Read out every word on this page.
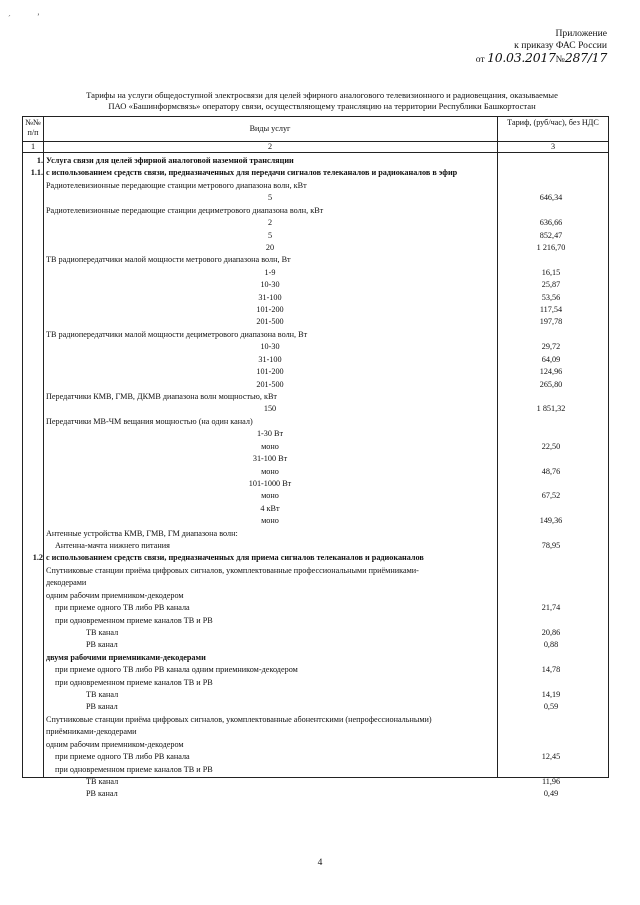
´	ʼ
Приложение
к приказу ФАС России
от 10.03.2017№287/17
Тарифы на услуги общедоступной электросвязи для целей эфирного аналогового телевизионного и радиовещания, оказываемые
ПАО «Башинформсвязь» оператору связи, осуществляющему трансляцию на территории Республики Башкортостан
№№ п/п	Виды услуг
Тариф, (руб/час), без НДС
1	2	3
1. Услуга связи для целей эфирной аналоговой наземной трансляции
1.1. с использованием средств связи, предназначенных для передачи сигналов телеканалов и радиоканалов в эфир
Радиотелевизионные передающие станции метрового диапазона волн, кВт
5	646,34
Радиотелевизионные передающие станции дециметрового диапазона волн, кВт
2	636,66
5	852,47
20	1 216,70
ТВ радиопередатчики малой мощности метрового диапазона волн, Вт
1-9	16,15
10-30	25,87
31-100	53,56
101-200	117,54
201-500	197,78
ТВ радиопередатчики малой мощности дециметрового диапазона волн, Вт
10-30	29,72
31-100	64,09
101-200	124,96
201-500	265,80
Передатчики КМВ, ГМВ, ДКМВ диапазона волн мощностью, кВт
150	1 851,32
Передатчики МВ-ЧМ вещания мощностью (на один канал)
1-30 Вт
моно	22,50
31-100 Вт
моно	48,76
101-1000 Вт
моно	67,52
4 кВт
моно	149,36
Антенные устройства КМВ, ГМВ, ГМ диапазона волн:
Антенна-мачта нижнего питания	78,95
1.2 с использованием средств связи, предназначенных для приема сигналов телеканалов и радиоканалов
Спутниковые станции приёма цифровых сигналов, укомплектованные профессиональными приёмниками-
декодерами
одним рабочим приемником-декодером
при приеме одного ТВ либо РВ канала	21,74
при одновременном приеме каналов ТВ и РВ
ТВ канал	20,86
РВ канал	0,88
двумя рабочими приемниками-декодерами
при приеме одного ТВ либо РВ канала одним приемником-декодером	14,78
при одновременном приеме каналов ТВ и РВ
ТВ канал	14,19
РВ канал	0,59
Спутниковые станции приёма цифровых сигналов, укомплектованные абонентскими (непрофессиональными)
приёмниками-декодерами
одним рабочим приемником-декодером
при приеме одного ТВ либо РВ канала	12,45
при одновременном приеме каналов ТВ и РВ
ТВ канал	11,96
РВ канал	0,49
4
